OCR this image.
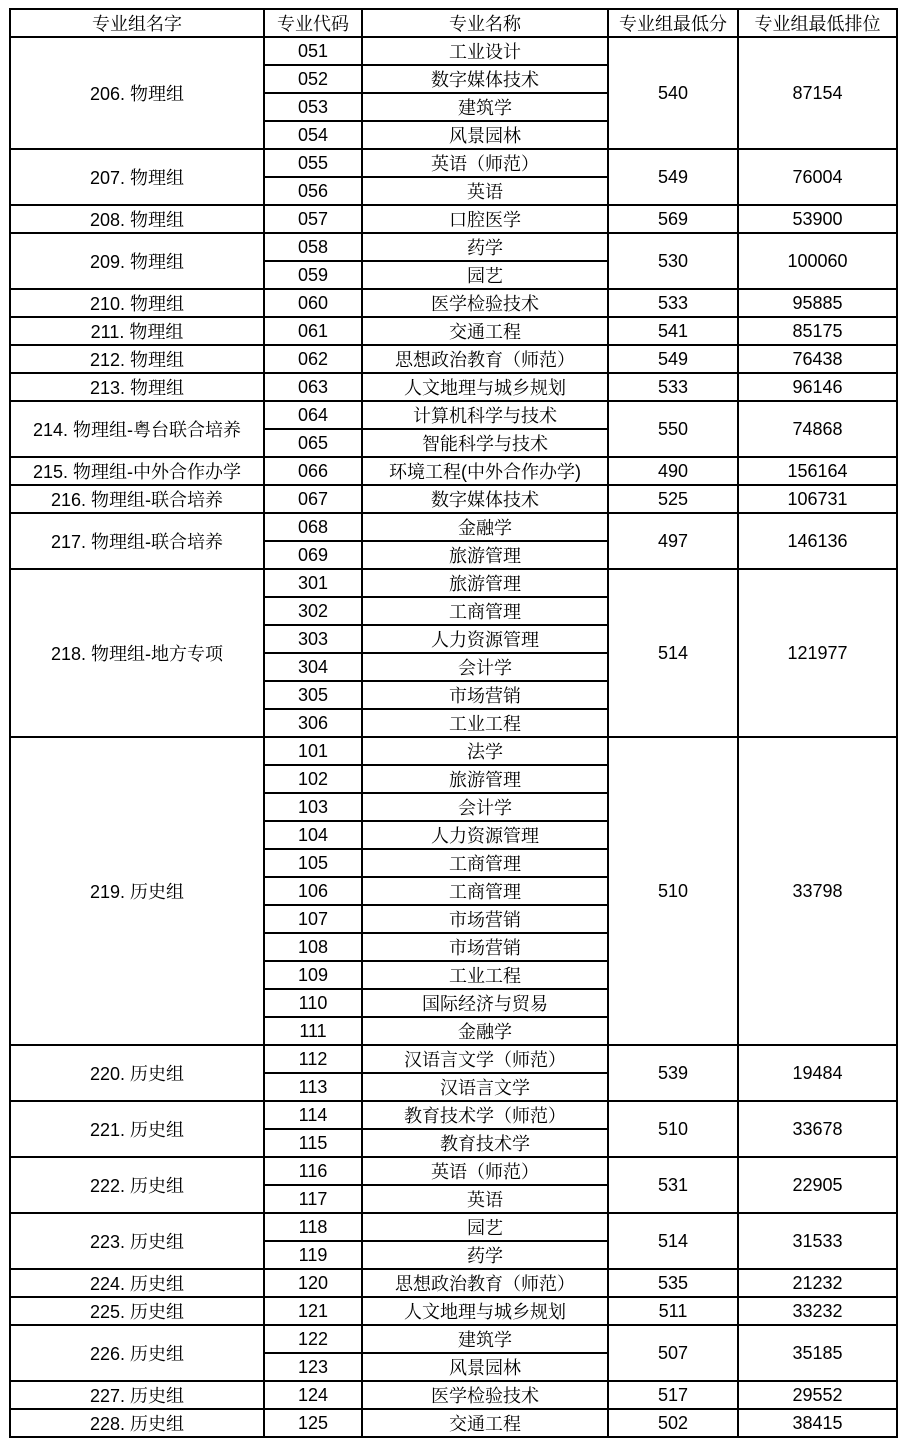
专业组名字	专业代码	专业名称	专业组最低分	专业组最低排位
206. 物理组	051	工业设计	540	87154
	052	数字媒体技术		
	053	建筑学		
	054	风景园林		
207. 物理组	055	英语（师范）	549	76004
	056	英语		
208. 物理组	057	口腔医学	569	53900
209. 物理组	058	药学	530	100060
	059	园艺		
210. 物理组	060	医学检验技术	533	95885
211. 物理组	061	交通工程	541	85175
212. 物理组	062	思想政治教育（师范）	549	76438
213. 物理组	063	人文地理与城乡规划	533	96146
214. 物理组-粤台联合培养	064	计算机科学与技术	550	74868
	065	智能科学与技术		
215. 物理组-中外合作办学	066	环境工程(中外合作办学)	490	156164
216. 物理组-联合培养	067	数字媒体技术	525	106731
217. 物理组-联合培养	068	金融学	497	146136
	069	旅游管理		
218. 物理组-地方专项	301	旅游管理	514	121977
	302	工商管理		
	303	人力资源管理		
	304	会计学		
	305	市场营销		
	306	工业工程		
219. 历史组	101	法学	510	33798
	102	旅游管理		
	103	会计学		
	104	人力资源管理		
	105	工商管理		
	106	工商管理		
	107	市场营销		
	108	市场营销		
	109	工业工程		
	110	国际经济与贸易		
	111	金融学		
220. 历史组	112	汉语言文学（师范）	539	19484
	113	汉语言文学		
221. 历史组	114	教育技术学（师范）	510	33678
	115	教育技术学		
222. 历史组	116	英语（师范）	531	22905
	117	英语		
223. 历史组	118	园艺	514	31533
	119	药学		
224. 历史组	120	思想政治教育（师范）	535	21232
225. 历史组	121	人文地理与城乡规划	511	33232
226. 历史组	122	建筑学	507	35185
	123	风景园林		
227. 历史组	124	医学检验技术	517	29552
228. 历史组	125	交通工程	502	38415
